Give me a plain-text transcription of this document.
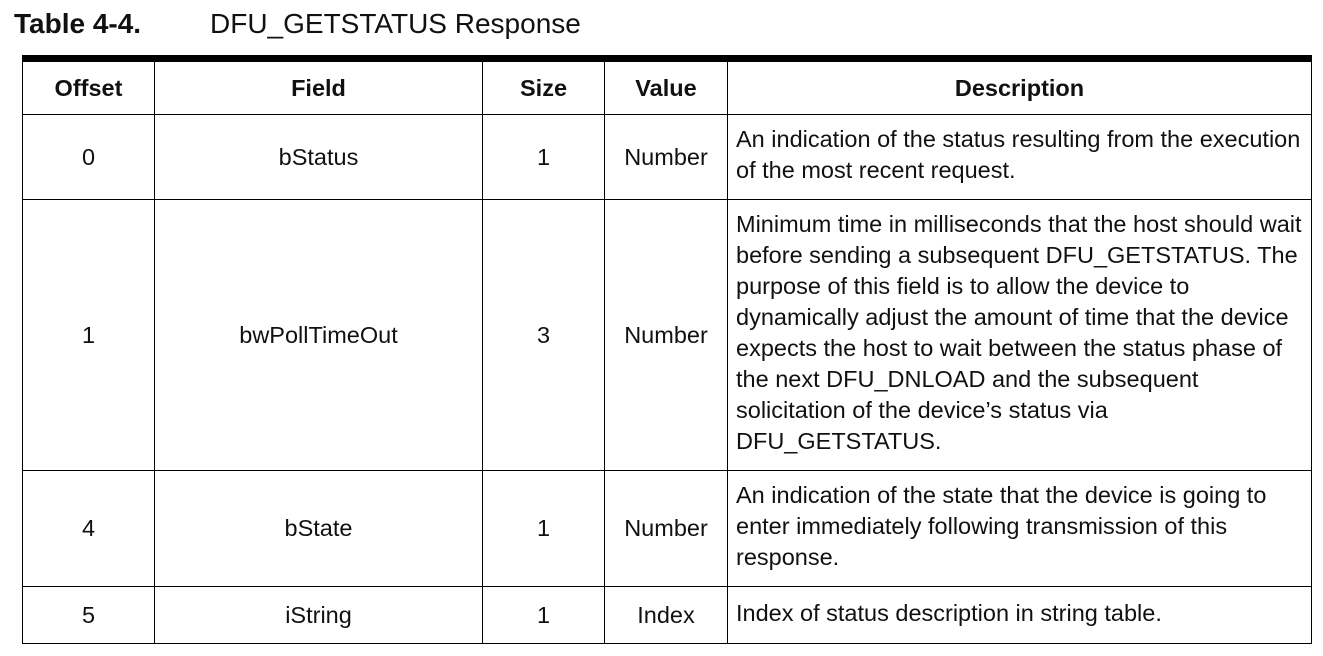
Table 4-4.	DFU_GETSTATUS Response
Offset	Field	Size	Value	Description
0	bStatus	1	Number	An indication of the status resulting from the execution of the most recent request.
1	bwPollTimeOut	3	Number	Minimum time in milliseconds that the host should wait before sending a subsequent DFU_GETSTATUS. The purpose of this field is to allow the device to dynamically adjust the amount of time that the device expects the host to wait between the status phase of the next DFU_DNLOAD and the subsequent solicitation of the device’s status via DFU_GETSTATUS.
4	bState	1	Number	An indication of the state that the device is going to enter immediately following transmission of this response.
5	iString	1	Index	Index of status description in string table.
